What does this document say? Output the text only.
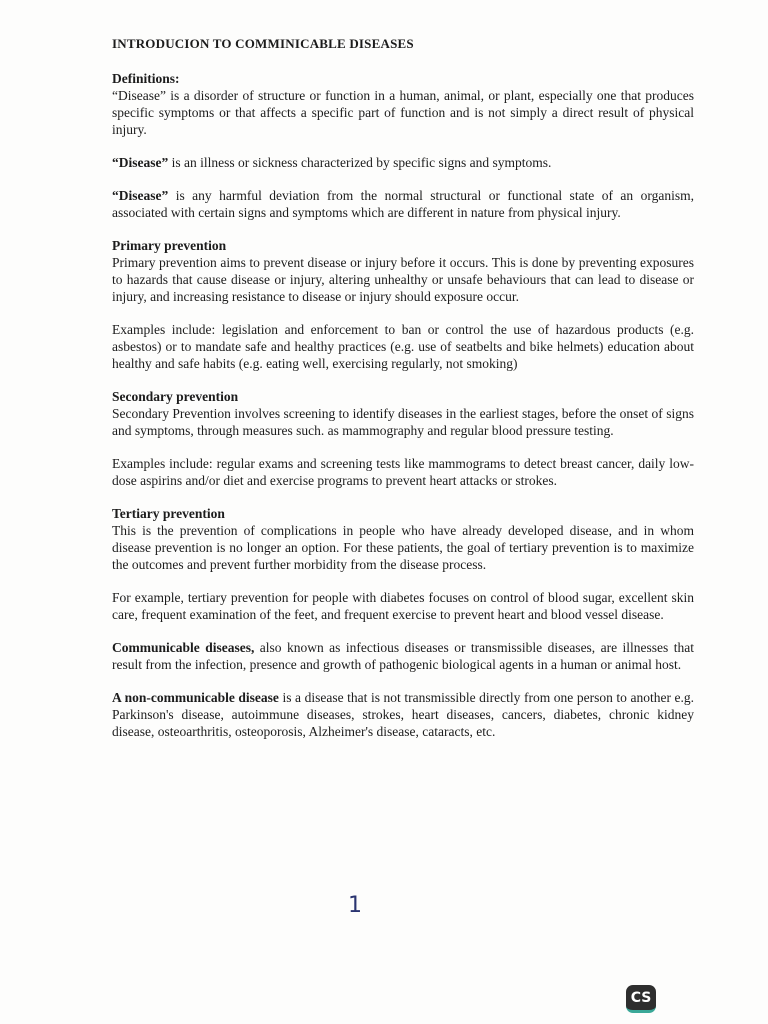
INTRODUCION TO COMMINICABLE DISEASES
Definitions:

“Disease” is a disorder of structure or function in a human, animal, or plant, especially one that produces specific symptoms or that affects a specific part of function and is not simply a direct result of physical injury.

“Disease” is an illness or sickness characterized by specific signs and symptoms.

“Disease” is any harmful deviation from the normal structural or functional state of an organism, associated with certain signs and symptoms which are different in nature from physical injury.

Primary prevention

Primary prevention aims to prevent disease or injury before it occurs. This is done by preventing exposures to hazards that cause disease or injury, altering unhealthy or unsafe behaviours that can lead to disease or injury, and increasing resistance to disease or injury should exposure occur.

Examples include: legislation and enforcement to ban or control the use of hazardous products (e.g. asbestos) or to mandate safe and healthy practices (e.g. use of seatbelts and bike helmets) education about healthy and safe habits (e.g. eating well, exercising regularly, not smoking)

Secondary prevention

Secondary Prevention involves screening to identify diseases in the earliest stages, before the onset of signs and symptoms, through measures such. as mammography and regular blood pressure testing.

Examples include: regular exams and screening tests like mammograms to detect breast cancer, daily low-dose aspirins and/or diet and exercise programs to prevent heart attacks or strokes.

Tertiary prevention

This is the prevention of complications in people who have already developed disease, and in whom disease prevention is no longer an option. For these patients, the goal of tertiary prevention is to maximize the outcomes and prevent further morbidity from the disease process.

For example, tertiary prevention for people with diabetes focuses on control of blood sugar, excellent skin care, frequent examination of the feet, and frequent exercise to prevent heart and blood vessel disease.

Communicable diseases, also known as infectious diseases or transmissible diseases, are illnesses that result from the infection, presence and growth of pathogenic biological agents in a human or animal host.

A non-communicable disease is a disease that is not transmissible directly from one person to another e.g. Parkinson's disease, autoimmune diseases, strokes, heart diseases, cancers, diabetes, chronic kidney disease, osteoarthritis, osteoporosis, Alzheimer's disease, cataracts, etc.

1
CS
